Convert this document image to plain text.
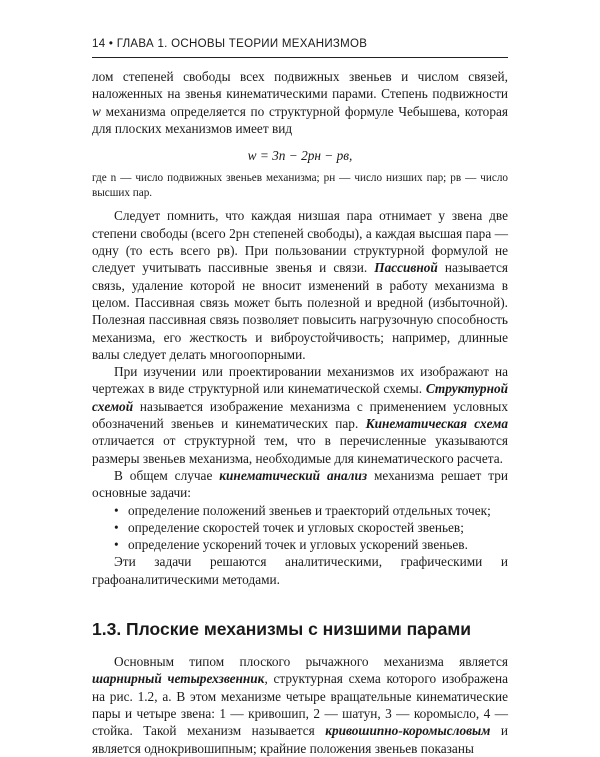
14 • ГЛАВА 1. ОСНОВЫ ТЕОРИИ МЕХАНИЗМОВ

лом степеней свободы всех подвижных звеньев и числом связей, наложенных на звенья кинематическими парами. Степень подвижности w механизма определяется по структурной формуле Чебышева, которая для плоских механизмов имеет вид

w = 3n − 2pн − pв,

где n — число подвижных звеньев механизма; pн — число низших пар; pв — число высших пар.

Следует помнить, что каждая низшая пара отнимает у звена две степени свободы (всего 2pн степеней свободы), а каждая высшая пара — одну (то есть всего pв). При пользовании структурной формулой не следует учитывать пассивные звенья и связи. Пассивной называется связь, удаление которой не вносит изменений в работу механизма в целом. Пассивная связь может быть полезной и вредной (избыточной). Полезная пассивная связь позволяет повысить нагрузочную способность механизма, его жесткость и виброустойчивость; например, длинные валы следует делать многоопорными.

При изучении или проектировании механизмов их изображают на чертежах в виде структурной или кинематической схемы. Структурной схемой называется изображение механизма с применением условных обозначений звеньев и кинематических пар. Кинематическая схема отличается от структурной тем, что в перечисленные указываются размеры звеньев механизма, необходимые для кинематического расчета.

В общем случае кинематический анализ механизма решает три основные задачи:

• определение положений звеньев и траекторий отдельных точек;
• определение скоростей точек и угловых скоростей звеньев;
• определение ускорений точек и угловых ускорений звеньев.

Эти задачи решаются аналитическими, графическими и графоаналитическими методами.

1.3. Плоские механизмы с низшими парами

Основным типом плоского рычажного механизма является шарнирный четырехзвенник, структурная схема которого изображена на рис. 1.2, а. В этом механизме четыре вращательные кинематические пары и четыре звена: 1 — кривошип, 2 — шатун, 3 — коромысло, 4 — стойка. Такой механизм называется кривошипно-коромысловым и является однокривошипным; крайние положения звеньев показаны
